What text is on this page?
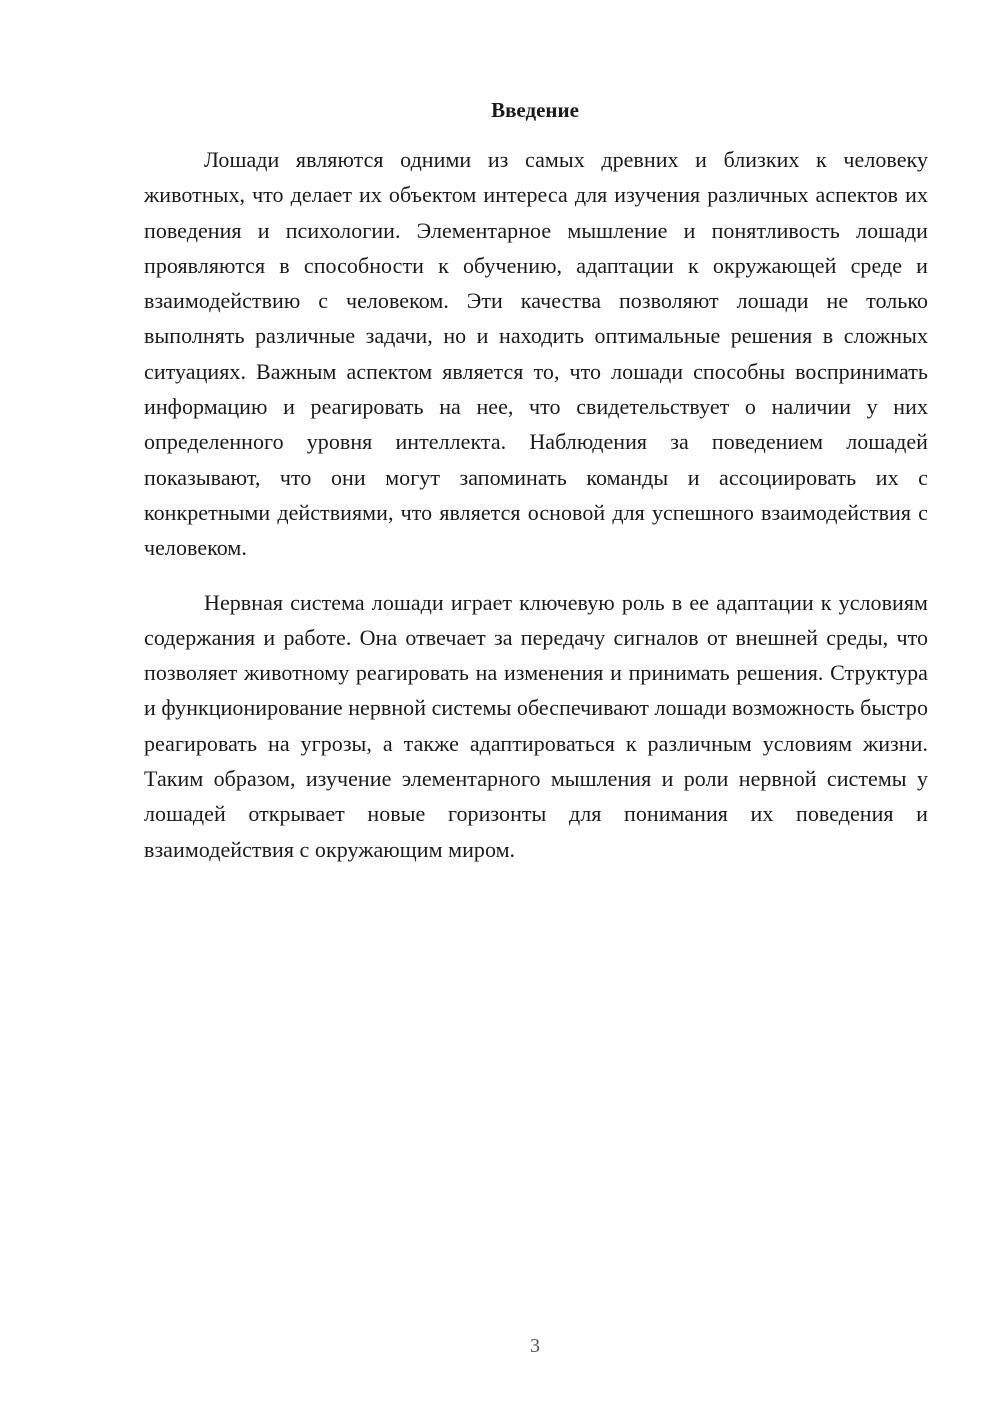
Введение

Лошади являются одними из самых древних и близких к человеку животных, что делает их объектом интереса для изучения различных аспектов их поведения и психологии. Элементарное мышление и понятливость лошади проявляются в способности к обучению, адаптации к окружающей среде и взаимодействию с человеком. Эти качества позволяют лошади не только выполнять различные задачи, но и находить оптимальные решения в сложных ситуациях. Важным аспектом является то, что лошади способны воспринимать информацию и реагировать на нее, что свидетельствует о наличии у них определенного уровня интеллекта. Наблюдения за поведением лошадей показывают, что они могут запоминать команды и ассоциировать их с конкретными действиями, что является основой для успешного взаимодействия с человеком.

Нервная система лошади играет ключевую роль в ее адаптации к условиям содержания и работе. Она отвечает за передачу сигналов от внешней среды, что позволяет животному реагировать на изменения и принимать решения. Структура и функционирование нервной системы обеспечивают лошади возможность быстро реагировать на угрозы, а также адаптироваться к различным условиям жизни. Таким образом, изучение элементарного мышления и роли нервной системы у лошадей открывает новые горизонты для понимания их поведения и взаимодействия с окружающим миром.

3
